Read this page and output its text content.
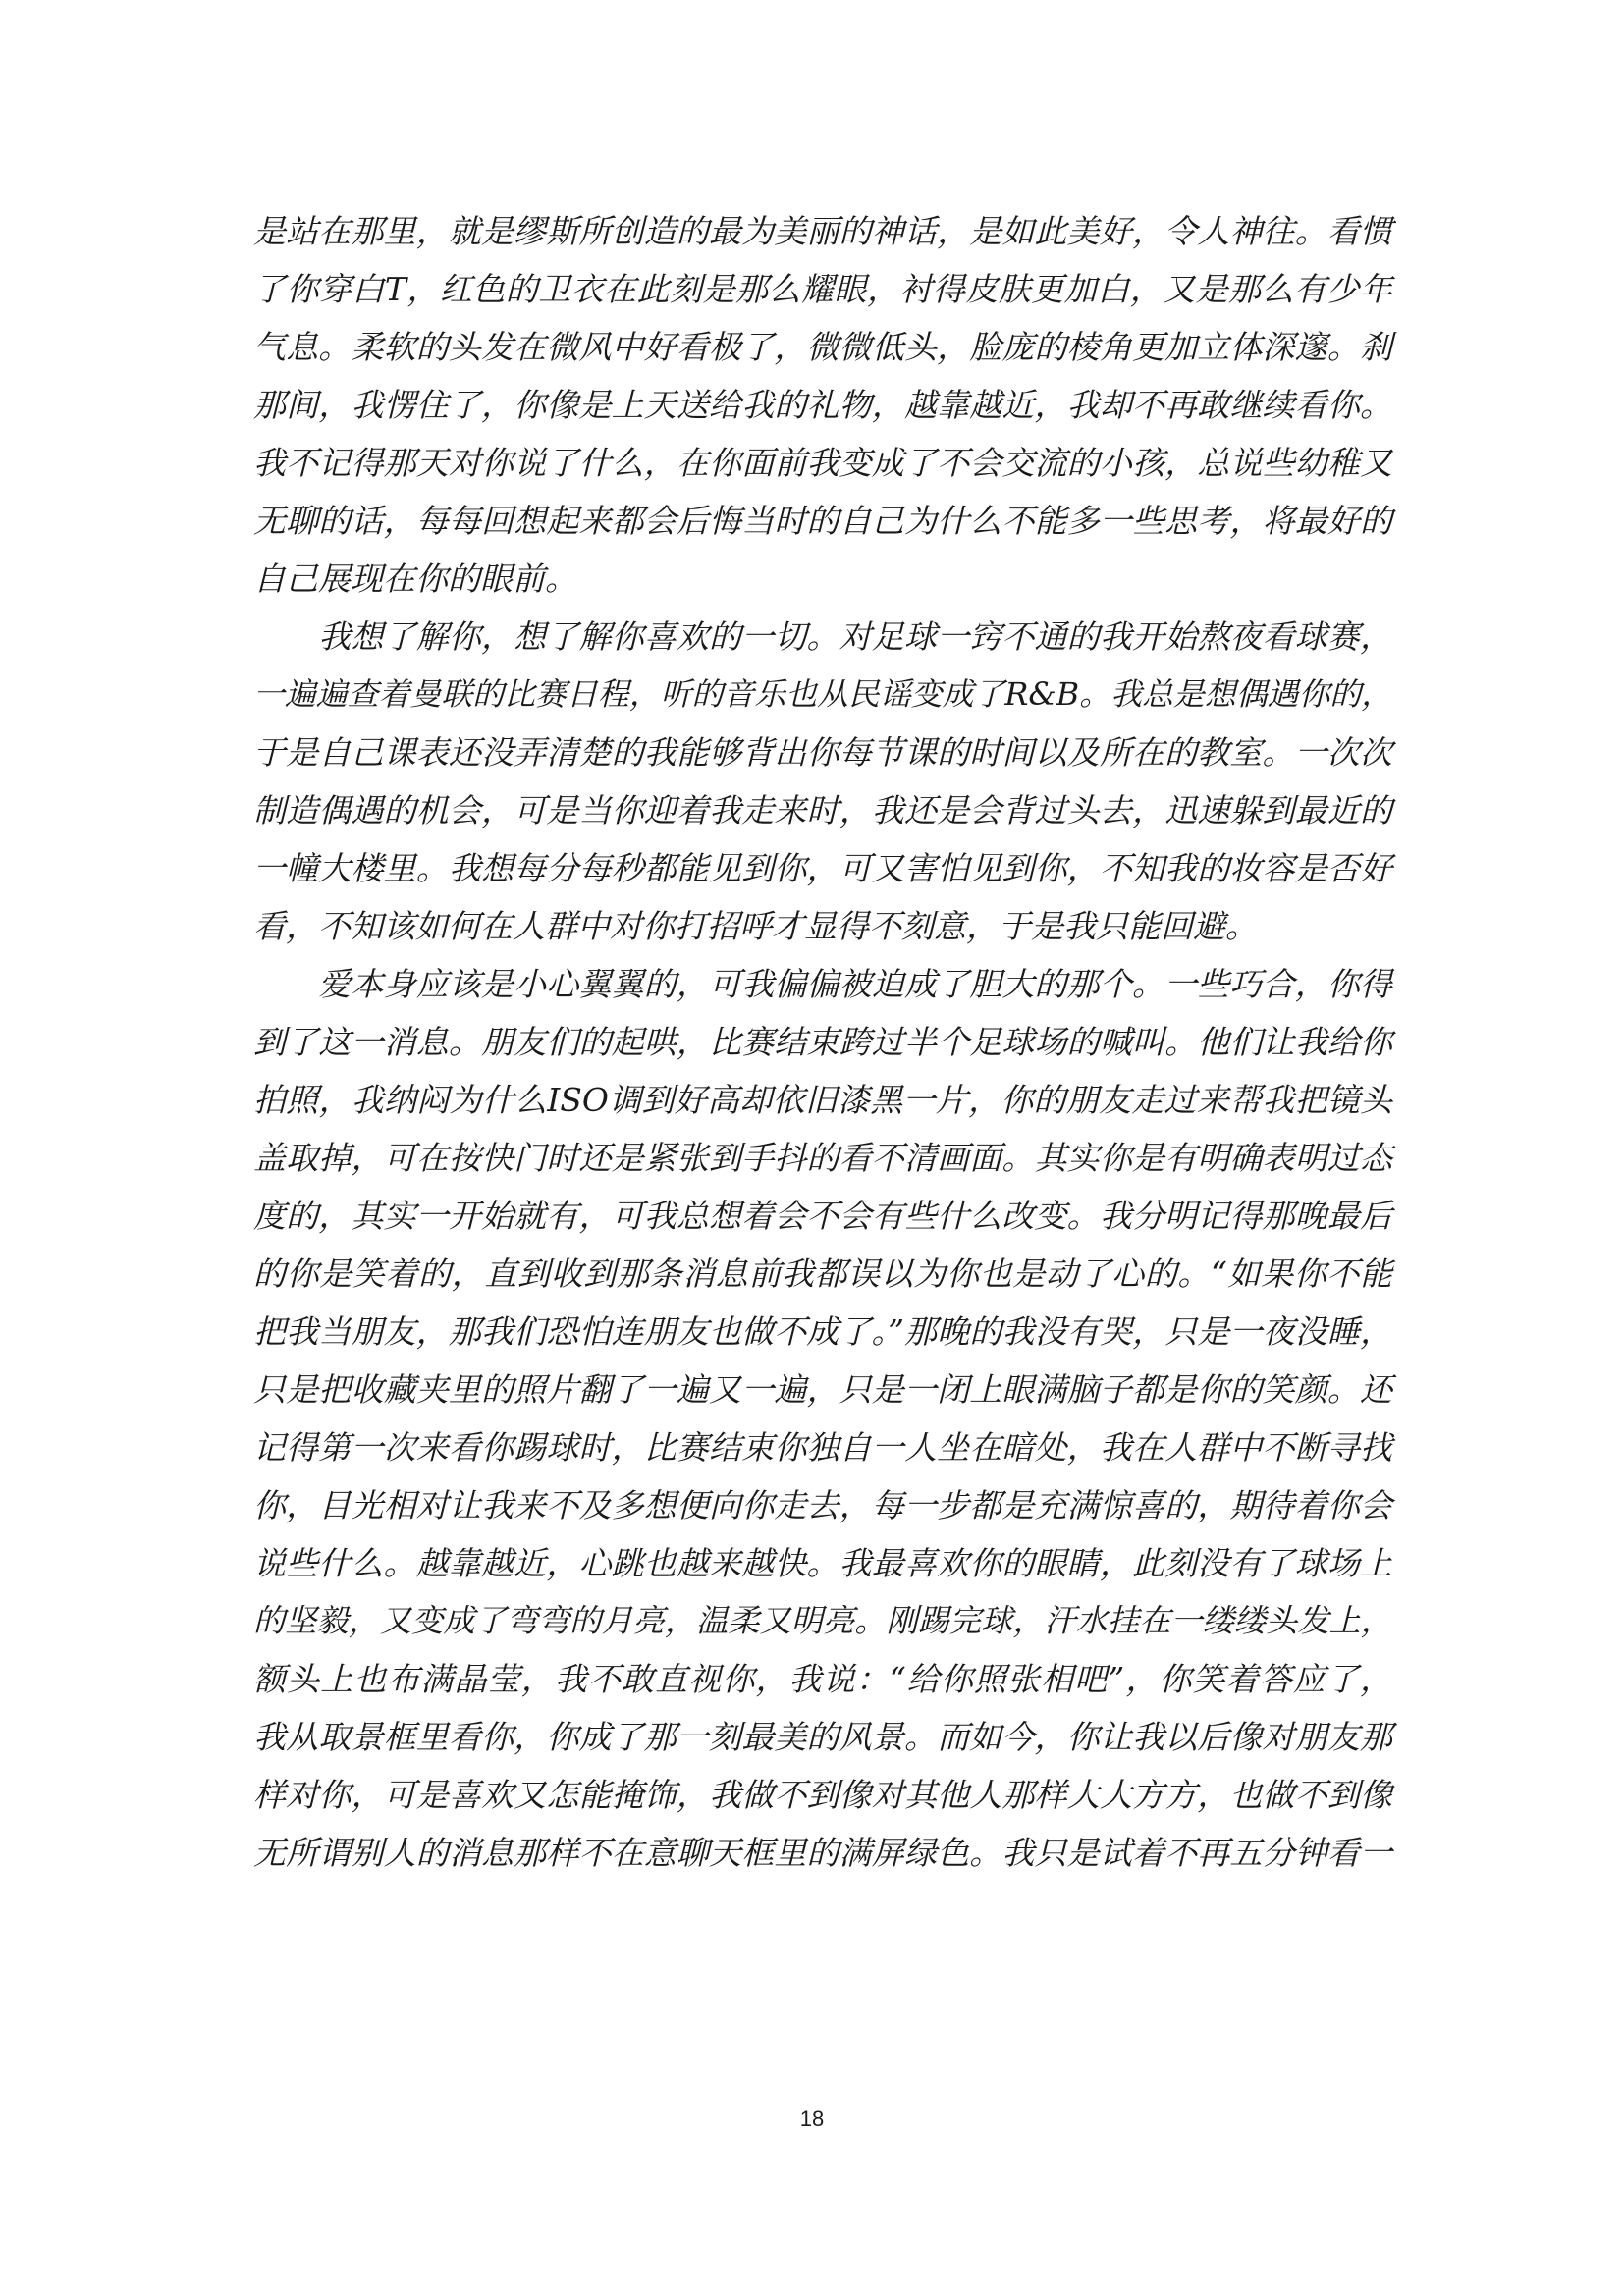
是站在那里，就是缪斯所创造的最为美丽的神话，是如此美好，令人神往。看惯
了你穿白T，红色的卫衣在此刻是那么耀眼，衬得皮肤更加白，又是那么有少年
气息。柔软的头发在微风中好看极了，微微低头，脸庞的棱角更加立体深邃。刹
那间，我愣住了，你像是上天送给我的礼物，越靠越近，我却不再敢继续看你。
我不记得那天对你说了什么，在你面前我变成了不会交流的小孩，总说些幼稚又
无聊的话，每每回想起来都会后悔当时的自己为什么不能多一些思考，将最好的
自己展现在你的眼前。
　　我想了解你，想了解你喜欢的一切。对足球一窍不通的我开始熬夜看球赛，
一遍遍查着曼联的比赛日程，听的音乐也从民谣变成了R&B。我总是想偶遇你的，
于是自己课表还没弄清楚的我能够背出你每节课的时间以及所在的教室。一次次
制造偶遇的机会，可是当你迎着我走来时，我还是会背过头去，迅速躲到最近的
一幢大楼里。我想每分每秒都能见到你，可又害怕见到你，不知我的妆容是否好
看，不知该如何在人群中对你打招呼才显得不刻意，于是我只能回避。
　　爱本身应该是小心翼翼的，可我偏偏被迫成了胆大的那个。一些巧合，你得
到了这一消息。朋友们的起哄，比赛结束跨过半个足球场的喊叫。他们让我给你
拍照，我纳闷为什么ISO调到好高却依旧漆黑一片，你的朋友走过来帮我把镜头
盖取掉，可在按快门时还是紧张到手抖的看不清画面。其实你是有明确表明过态
度的，其实一开始就有，可我总想着会不会有些什么改变。我分明记得那晚最后
的你是笑着的，直到收到那条消息前我都误以为你也是动了心的。“如果你不能
把我当朋友，那我们恐怕连朋友也做不成了。”那晚的我没有哭，只是一夜没睡，
只是把收藏夹里的照片翻了一遍又一遍，只是一闭上眼满脑子都是你的笑颜。还
记得第一次来看你踢球时，比赛结束你独自一人坐在暗处，我在人群中不断寻找
你，目光相对让我来不及多想便向你走去，每一步都是充满惊喜的，期待着你会
说些什么。越靠越近，心跳也越来越快。我最喜欢你的眼睛，此刻没有了球场上
的坚毅，又变成了弯弯的月亮，温柔又明亮。刚踢完球，汗水挂在一缕缕头发上，
额头上也布满晶莹，我不敢直视你，我说：“给你照张相吧”，你笑着答应了，
我从取景框里看你，你成了那一刻最美的风景。而如今，你让我以后像对朋友那
样对你，可是喜欢又怎能掩饰，我做不到像对其他人那样大大方方，也做不到像
无所谓别人的消息那样不在意聊天框里的满屏绿色。我只是试着不再五分钟看一
18
